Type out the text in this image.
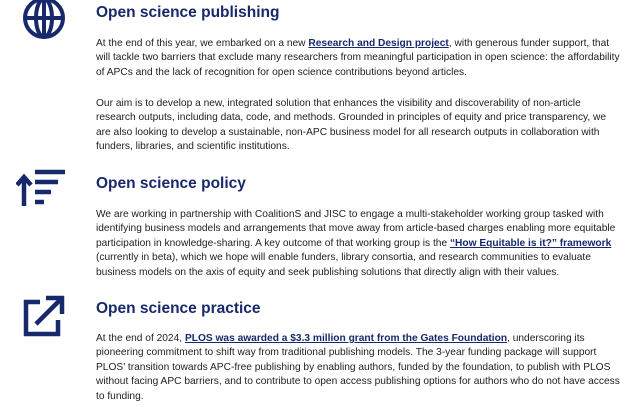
Open science publishing

At the end of this year, we embarked on a new Research and Design project, with generous funder support, that will tackle two barriers that exclude many researchers from meaningful participation in open science: the affordability of APCs and the lack of recognition for open science contributions beyond articles.

Our aim is to develop a new, integrated solution that enhances the visibility and discoverability of non-article research outputs, including data, code, and methods. Grounded in principles of equity and price transparency, we are also looking to develop a sustainable, non-APC business model for all research outputs in collaboration with funders, libraries, and scientific institutions.

Open science policy

We are working in partnership with CoalitionS and JISC to engage a multi-stakeholder working group tasked with identifying business models and arrangements that move away from article-based charges enabling more equitable participation in knowledge-sharing. A key outcome of that working group is the “How Equitable is it?” framework (currently in beta), which we hope will enable funders, library consortia, and research communities to evaluate business models on the axis of equity and seek publishing solutions that directly align with their values.

Open science practice

At the end of 2024, PLOS was awarded a $3.3 million grant from the Gates Foundation, underscoring its pioneering commitment to shift way from traditional publishing models. The 3-year funding package will support PLOS’ transition towards APC-free publishing by enabling authors, funded by the foundation, to publish with PLOS without facing APC barriers, and to contribute to open access publishing options for authors who do not have access to funding.
